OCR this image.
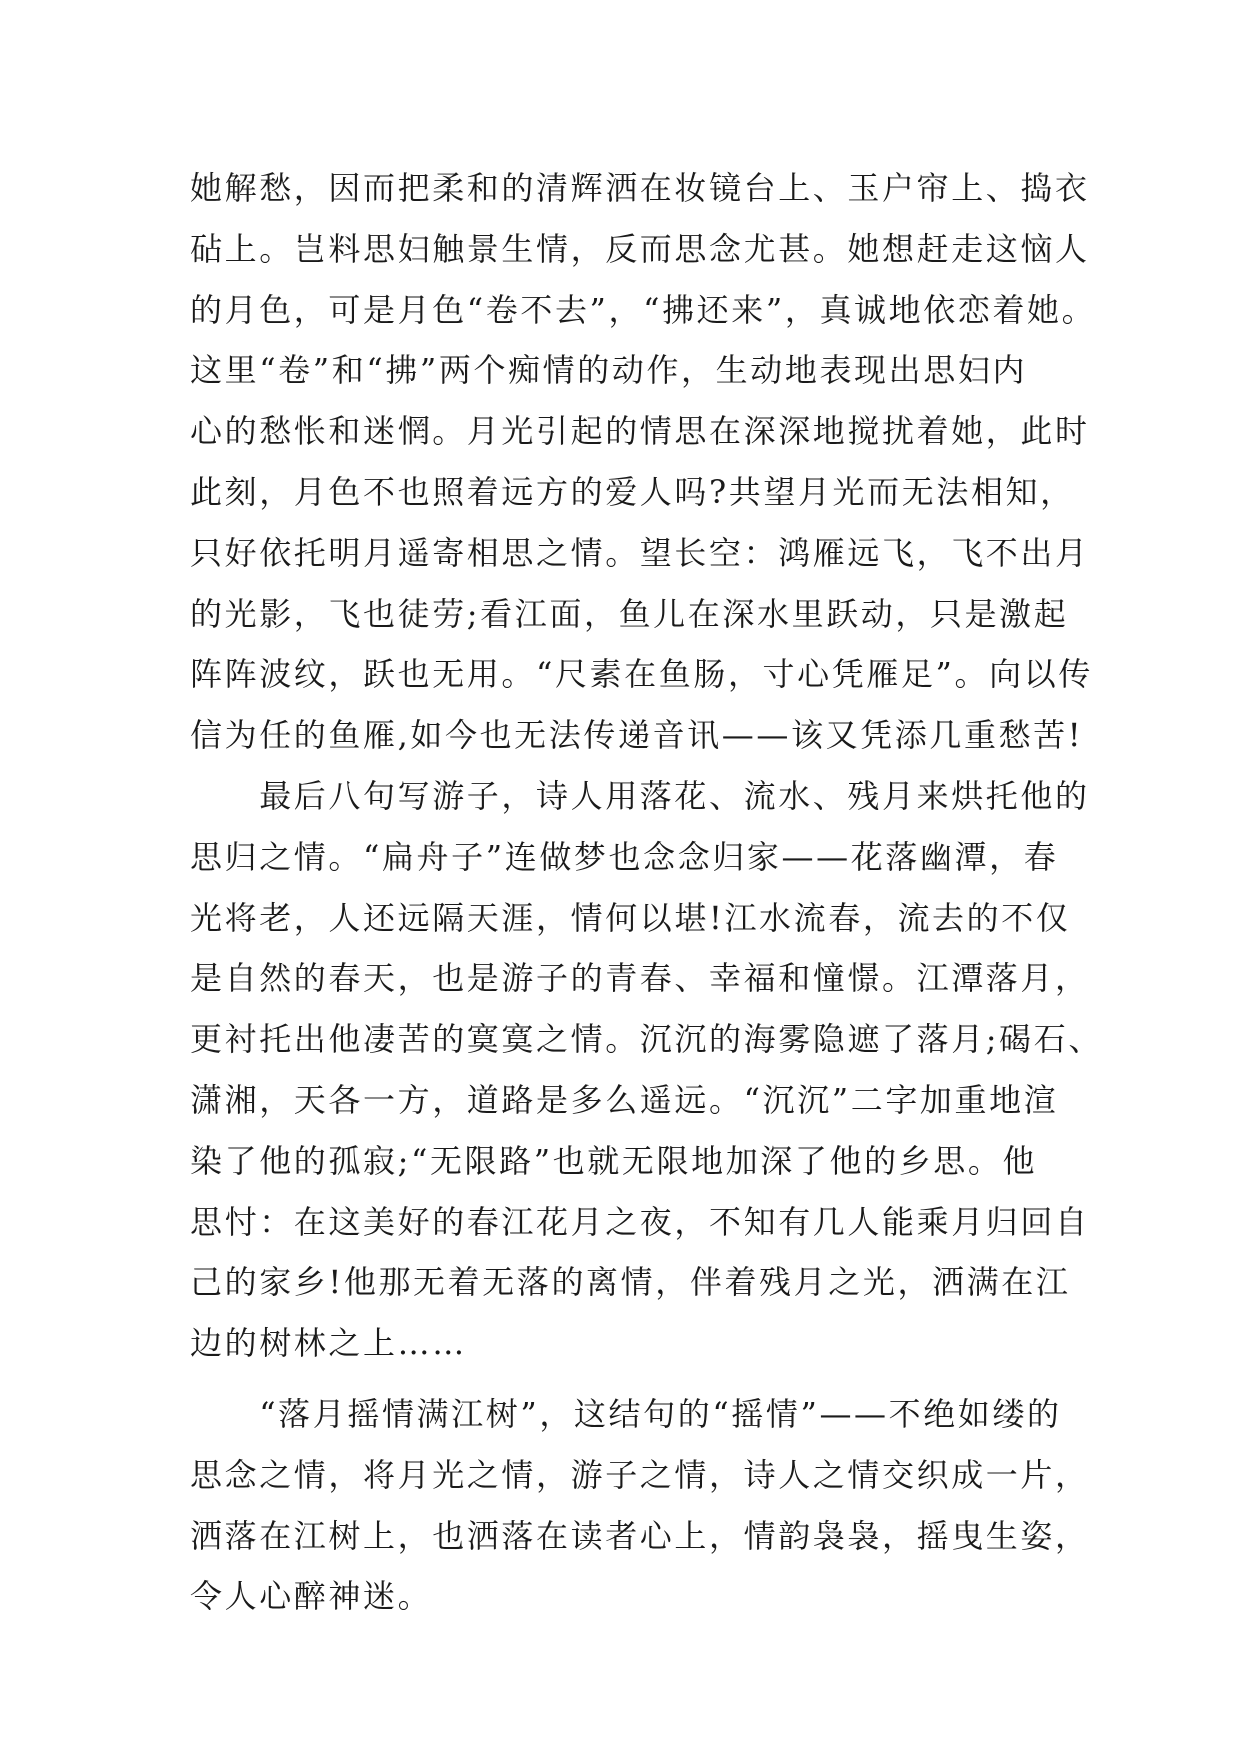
她解愁，因而把柔和的清辉洒在妆镜台上、玉户帘上、捣衣
砧上。岂料思妇触景生情，反而思念尤甚。她想赶走这恼人
的月色，可是月色“卷不去”，“拂还来”，真诚地依恋着她。
这里“卷”和“拂”两个痴情的动作，生动地表现出思妇内
心的愁怅和迷惘。月光引起的情思在深深地搅扰着她，此时
此刻，月色不也照着远方的爱人吗?共望月光而无法相知，
只好依托明月遥寄相思之情。望长空：鸿雁远飞，飞不出月
的光影，飞也徒劳;看江面，鱼儿在深水里跃动，只是激起
阵阵波纹，跃也无用。“尺素在鱼肠，寸心凭雁足”。向以传
信为任的鱼雁,如今也无法传递音讯——该又凭添几重愁苦!
　　最后八句写游子，诗人用落花、流水、残月来烘托他的
思归之情。“扁舟子”连做梦也念念归家——花落幽潭，春
光将老，人还远隔天涯，情何以堪!江水流春，流去的不仅
是自然的春天，也是游子的青春、幸福和憧憬。江潭落月，
更衬托出他凄苦的寞寞之情。沉沉的海雾隐遮了落月;碣石、
潇湘，天各一方，道路是多么遥远。“沉沉”二字加重地渲
染了他的孤寂;“无限路”也就无限地加深了他的乡思。他
思忖：在这美好的春江花月之夜，不知有几人能乘月归回自
己的家乡!他那无着无落的离情，伴着残月之光，洒满在江
边的树林之上……
　　“落月摇情满江树”，这结句的“摇情”——不绝如缕的
思念之情，将月光之情，游子之情，诗人之情交织成一片，
洒落在江树上，也洒落在读者心上，情韵袅袅，摇曳生姿，
令人心醉神迷。
